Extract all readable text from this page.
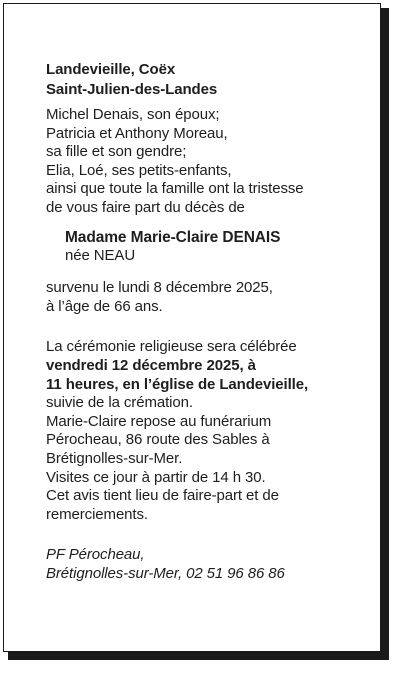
Landevieille, Coëx
Saint-Julien-des-Landes
Michel Denais, son époux;
Patricia et Anthony Moreau,
sa fille et son gendre;
Elia, Loé, ses petits-enfants,
ainsi que toute la famille ont la tristesse
de vous faire part du décès de
Madame Marie-Claire DENAIS
née NEAU
survenu le lundi 8 décembre 2025,
à l’âge de 66 ans.
La cérémonie religieuse sera célébrée
vendredi 12 décembre 2025, à
11 heures, en l’église de Landevieille,
suivie de la crémation.
Marie-Claire repose au funérarium
Pérocheau, 86 route des Sables à
Brétignolles-sur-Mer.
Visites ce jour à partir de 14 h 30.
Cet avis tient lieu de faire-part et de
remerciements.
PF Pérocheau,
Brétignolles-sur-Mer, 02 51 96 86 86
